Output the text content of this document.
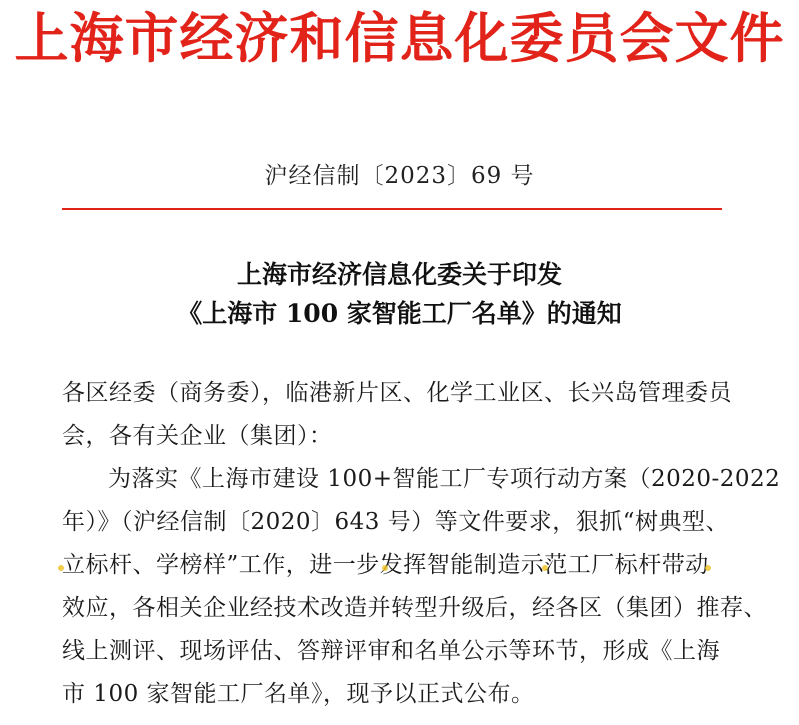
上海市经济和信息化委员会文件
沪经信制〔2023〕69 号
上海市经济信息化委关于印发
《上海市 100 家智能工厂名单》的通知
各区经委（商务委），临港新片区、化学工业区、长兴岛管理委员
会，各有关企业（集团）：
为落实《上海市建设 100+智能工厂专项行动方案（2020-2022
年）》（沪经信制〔2020〕643 号）等文件要求，狠抓“树典型、
效应，各相关企业经技术改造并转型升级后，经各区（集团）推荐、
线上测评、现场评估、答辩评审和名单公示等环节，形成《上海
市 100 家智能工厂名单》，现予以正式公布。
